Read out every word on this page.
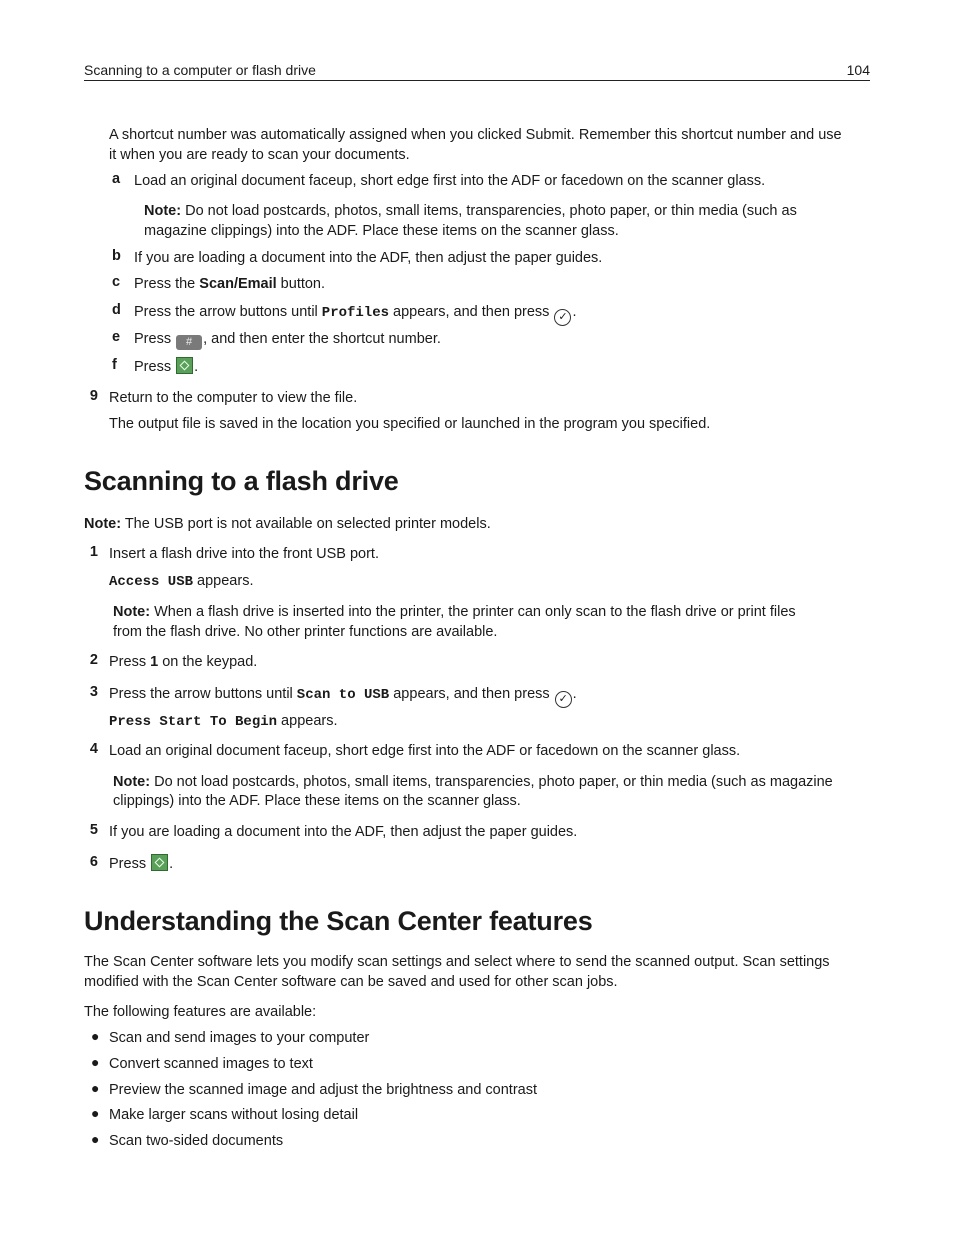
Scanning to a computer or flash drive	104
A shortcut number was automatically assigned when you clicked Submit. Remember this shortcut number and use
it when you are ready to scan your documents.
a Load an original document faceup, short edge first into the ADF or facedown on the scanner glass.
Note: Do not load postcards, photos, small items, transparencies, photo paper, or thin media (such as
magazine clippings) into the ADF. Place these items on the scanner glass.
b If you are loading a document into the ADF, then adjust the paper guides.
c Press the Scan/Email button.
d Press the arrow buttons until Profiles appears, and then press ✓ .
e Press # , and then enter the shortcut number.
f Press .
9 Return to the computer to view the file.
The output file is saved in the location you specified or launched in the program you specified.
Scanning to a flash drive
Note: The USB port is not available on selected printer models.
1 Insert a flash drive into the front USB port.
Access USB appears.
Note: When a flash drive is inserted into the printer, the printer can only scan to the flash drive or print files
from the flash drive. No other printer functions are available.
2 Press 1 on the keypad.
3 Press the arrow buttons until Scan to USB appears, and then press ✓ .
Press Start To Begin appears.
4 Load an original document faceup, short edge first into the ADF or facedown on the scanner glass.
Note: Do not load postcards, photos, small items, transparencies, photo paper, or thin media (such as magazine
clippings) into the ADF. Place these items on the scanner glass.
5 If you are loading a document into the ADF, then adjust the paper guides.
6 Press .
Understanding the Scan Center features
The Scan Center software lets you modify scan settings and select where to send the scanned output. Scan settings
modified with the Scan Center software can be saved and used for other scan jobs.
The following features are available:
● Scan and send images to your computer
● Convert scanned images to text
● Preview the scanned image and adjust the brightness and contrast
● Make larger scans without losing detail
● Scan two-sided documents
